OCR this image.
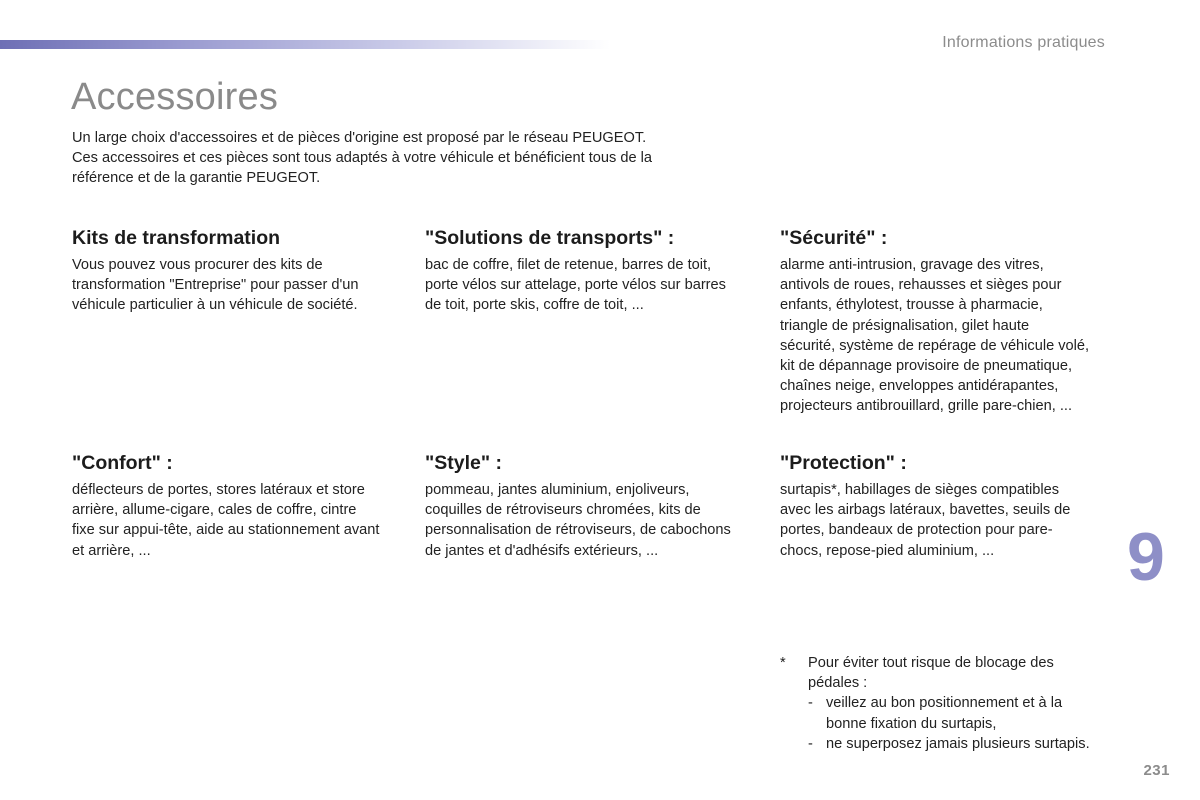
Informations pratiques
Accessoires

Un large choix d'accessoires et de pièces d'origine est proposé par le réseau PEUGEOT.

Ces accessoires et ces pièces sont tous adaptés à votre véhicule et bénéficient tous de la

référence et de la garantie PEUGEOT.

Kits de transformation
Vous pouvez vous procurer des kits de
transformation "Entreprise" pour passer d'un
véhicule particulier à un véhicule de société.
"Solutions de transports" :
bac de coffre, filet de retenue, barres de toit,
porte vélos sur attelage, porte vélos sur barres
de toit, porte skis, coffre de toit, ...
"Sécurité" :
alarme anti-intrusion, gravage des vitres,
antivols de roues, rehausses et sièges pour
enfants, éthylotest, trousse à pharmacie,
triangle de présignalisation, gilet haute
sécurité, système de repérage de véhicule volé,
kit de dépannage provisoire de pneumatique,
chaînes neige, enveloppes antidérapantes,
projecteurs antibrouillard, grille pare-chien, ...
"Confort" :
déflecteurs de portes, stores latéraux et store
arrière, allume-cigare, cales de coffre, cintre
fixe sur appui-tête, aide au stationnement avant
et arrière, ...
"Style" :
pommeau, jantes aluminium, enjoliveurs,
coquilles de rétroviseurs chromées, kits de
personnalisation de rétroviseurs, de cabochons
de jantes et d'adhésifs extérieurs, ...
"Protection" :
surtapis*, habillages de sièges compatibles
avec les airbags latéraux, bavettes, seuils de
portes, bandeaux de protection pour pare-
chocs, repose-pied aluminium, ...	9
*	Pour éviter tout risque de blocage des
pédales :
- veillez au bon positionnement et à la
bonne fixation du surtapis,
- ne superposez jamais plusieurs surtapis.
231
